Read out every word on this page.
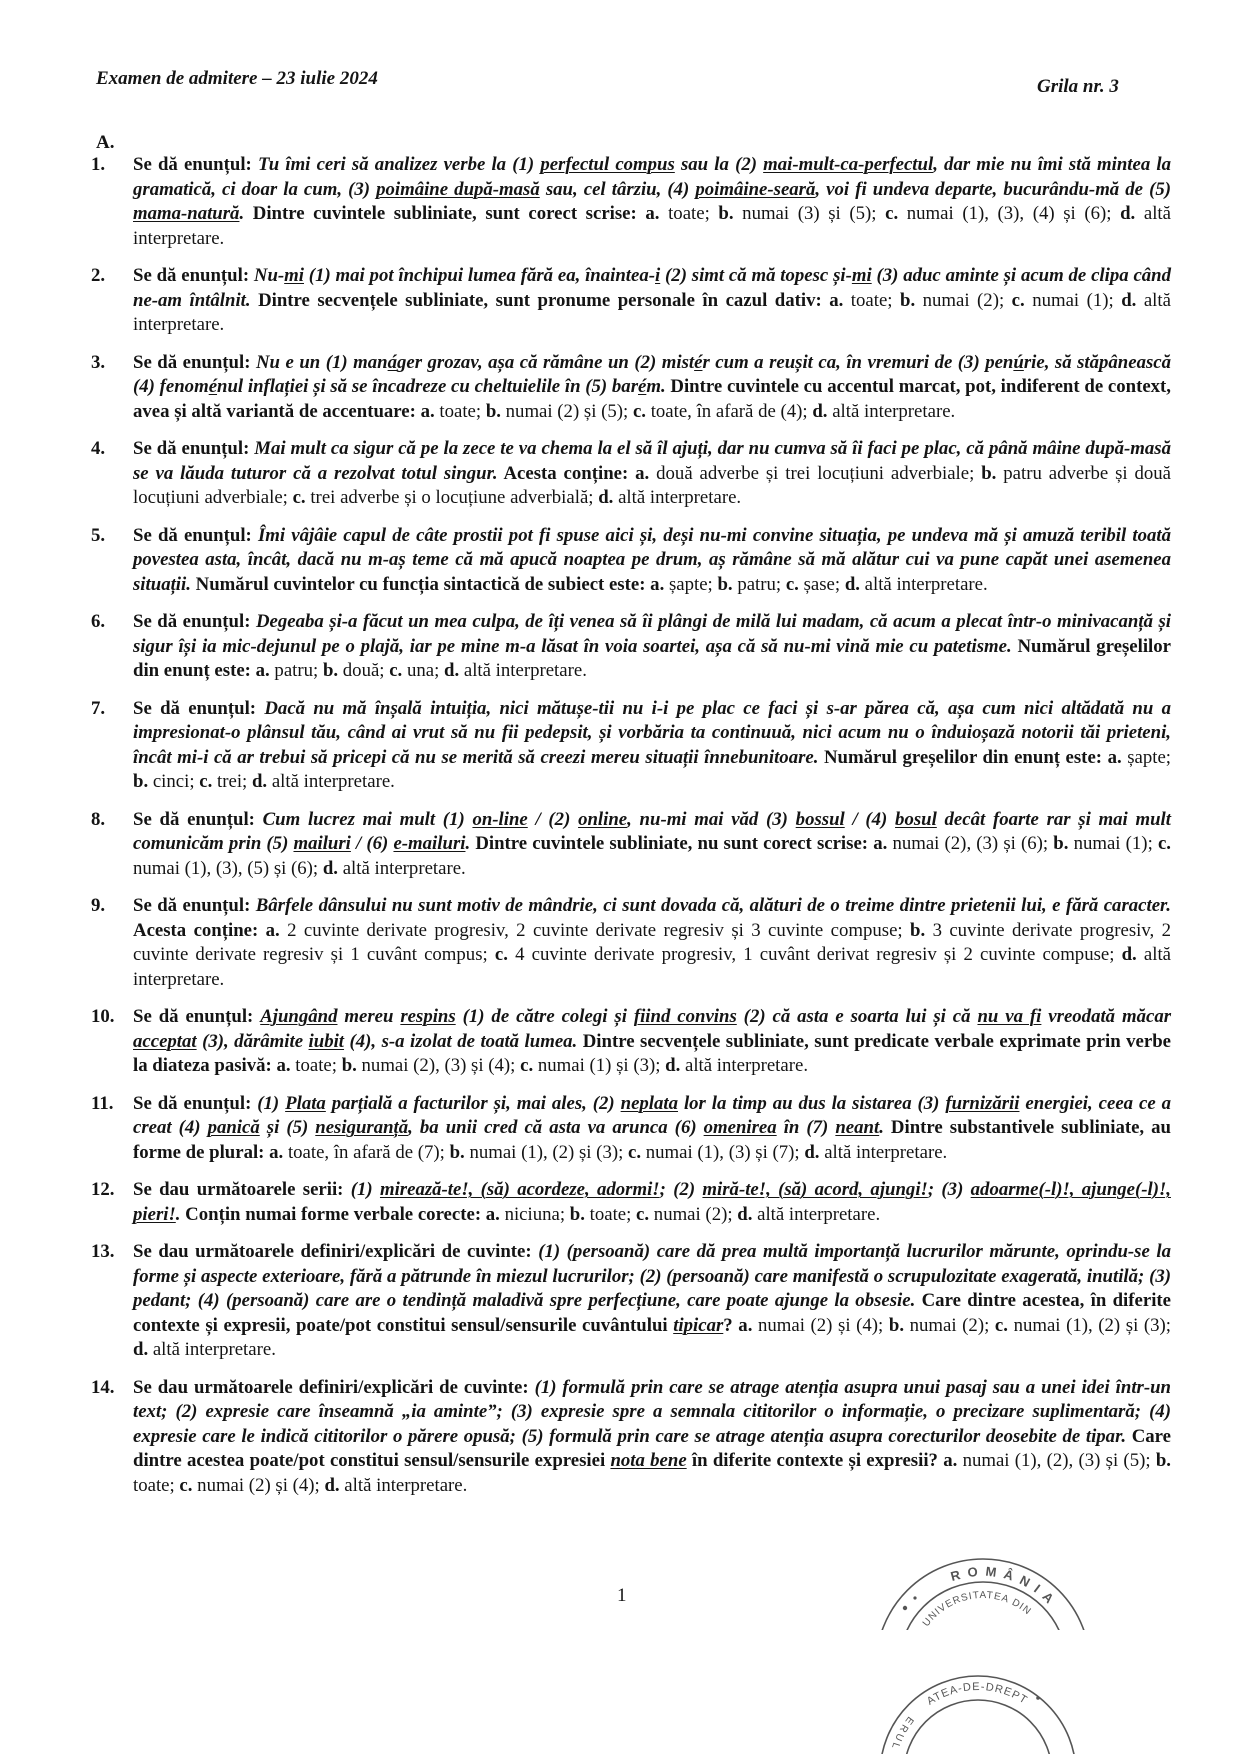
Examen de admitere – 23 iulie 2024	Grila nr. 3
A.
1.	Se dă enunțul: Tu îmi ceri să analizez verbe la (1) perfectul compus sau la (2) mai-mult-ca-perfectul, dar mie nu îmi stă mintea la gramatică, ci doar la cum, (3) poimâine după-masă sau, cel târziu, (4) poimâine-seară, voi fi undeva departe, bucurându-mă de (5) mama-natură. Dintre cuvintele subliniate, sunt corect scrise: a. toate; b. numai (3) și (5); c. numai (1), (3), (4) și (6); d. altă interpretare.
2.	Se dă enunțul: Nu-mi (1) mai pot închipui lumea fără ea, înaintea-i (2) simt că mă topesc și-mi (3) aduc aminte și acum de clipa când ne-am întâlnit. Dintre secvențele subliniate, sunt pronume personale în cazul dativ: a. toate; b. numai (2); c. numai (1); d. altă interpretare.
3.	Se dă enunțul: Nu e un (1) manáger grozav, așa că rămâne un (2) mistér cum a reușit ca, în vremuri de (3) penúrie, să stăpânească (4) fenoménul inflației și să se încadreze cu cheltuielile în (5) barém. Dintre cuvintele cu accentul marcat, pot, indiferent de context, avea și altă variantă de accentuare: a. toate; b. numai (2) și (5); c. toate, în afară de (4); d. altă interpretare.
4.	Se dă enunțul: Mai mult ca sigur că pe la zece te va chema la el să îl ajuți, dar nu cumva să îi faci pe plac, că până mâine după-masă se va lăuda tuturor că a rezolvat totul singur. Acesta conține: a. două adverbe și trei locuțiuni adverbiale; b. patru adverbe și două locuțiuni adverbiale; c. trei adverbe și o locuțiune adverbială; d. altă interpretare.
5.	Se dă enunțul: Îmi vâjâie capul de câte prostii pot fi spuse aici și, deși nu-mi convine situația, pe undeva mă și amuză teribil toată povestea asta, încât, dacă nu m-aș teme că mă apucă noaptea pe drum, aș rămâne să mă alătur cui va pune capăt unei asemenea situații. Numărul cuvintelor cu funcția sintactică de subiect este: a. șapte; b. patru; c. șase; d. altă interpretare.
6.	Se dă enunțul: Degeaba și-a făcut un mea culpa, de îți venea să îi plângi de milă lui madam, că acum a plecat într-o minivacanță și sigur își ia mic-dejunul pe o plajă, iar pe mine m-a lăsat în voia soartei, așa că să nu-mi vină mie cu patetisme. Numărul greșelilor din enunț este: a. patru; b. două; c. una; d. altă interpretare.
7.	Se dă enunțul: Dacă nu mă înșală intuiția, nici mătușe-tii nu i-i pe plac ce faci și s-ar părea că, așa cum nici altădată nu a impresionat-o plânsul tău, când ai vrut să nu fii pedepsit, și vorbăria ta continuuă, nici acum nu o înduioșază notorii tăi prieteni, încât mi-i că ar trebui să pricepi că nu se merită să creezi mereu situații înnebunitoare. Numărul greșelilor din enunț este: a. șapte; b. cinci; c. trei; d. altă interpretare.
8.	Se dă enunțul: Cum lucrez mai mult (1) on-line / (2) online, nu-mi mai văd (3) bossul / (4) bosul decât foarte rar și mai mult comunicăm prin (5) mailuri / (6) e-mailuri. Dintre cuvintele subliniate, nu sunt corect scrise: a. numai (2), (3) și (6); b. numai (1); c. numai (1), (3), (5) și (6); d. altă interpretare.
9.	Se dă enunțul: Bârfele dânsului nu sunt motiv de mândrie, ci sunt dovada că, alături de o treime dintre prietenii lui, e fără caracter. Acesta conține: a. 2 cuvinte derivate progresiv, 2 cuvinte derivate regresiv și 3 cuvinte compuse; b. 3 cuvinte derivate progresiv, 2 cuvinte derivate regresiv și 1 cuvânt compus; c. 4 cuvinte derivate progresiv, 1 cuvânt derivat regresiv și 2 cuvinte compuse; d. altă interpretare.
10. Se dă enunțul: Ajungând mereu respins (1) de către colegi și fiind convins (2) că asta e soarta lui și că nu va fi vreodată măcar acceptat (3), dărâmite iubit (4), s-a izolat de toată lumea. Dintre secvențele subliniate, sunt predicate verbale exprimate prin verbe la diateza pasivă: a. toate; b. numai (2), (3) și (4); c. numai (1) și (3); d. altă interpretare.
11.	Se dă enunțul: (1) Plata parțială a facturilor și, mai ales, (2) neplata lor la timp au dus la sistarea (3) furnizării energiei, ceea ce a creat (4) panică și (5) nesiguranță, ba unii cred că asta va arunca (6) omenirea în (7) neant. Dintre substantivele subliniate, au forme de plural: a. toate, în afară de (7); b. numai (1), (2) și (3); c. numai (1), (3) și (7); d. altă interpretare.
12. Se dau următoarele serii: (1) mirează-te!, (să) acordeze, adormi!; (2) miră-te!, (să) acord, ajungi!; (3) adoarme(-l)!, ajunge(-l)!, pieri!. Conțin numai forme verbale corecte: a. niciuna; b. toate; c. numai (2); d. altă interpretare.
13. Se dau următoarele definiri/explicări de cuvinte: (1) (persoană) care dă prea multă importanță lucrurilor mărunte, oprindu-se la forme și aspecte exterioare, fără a pătrunde în miezul lucrurilor; (2) (persoană) care manifestă o scrupulozitate exagerată, inutilă; (3) pedant; (4) (persoană) care are o tendință maladivă spre perfecțiune, care poate ajunge la obsesie. Care dintre acestea, în diferite contexte și expresii, poate/pot constitui sensul/sensurile cuvântului tipicar? a. numai (2) și (4); b. numai (2); c. numai (1), (2) și (3); d. altă interpretare.
14. Se dau următoarele definiri/explicări de cuvinte: (1) formulă prin care se atrage atenția asupra unui pasaj sau a unei idei într-un text; (2) expresie care înseamnă „ia aminte”; (3) expresie spre a semnala cititorilor o informație, o precizare suplimentară; (4) expresie care le indică cititorilor o părere opusă; (5) formulă prin care se atrage atenția asupra corecturilor deosebite de tipar. Care dintre acestea poate/pot constitui sensul/sensurile expresiei nota bene în diferite contexte și expresii? a. numai (1), (2), (3) și (5); b. toate; c. numai (2) și (4); d. altă interpretare.
1
ROMÂNIA
UNIVERSITATEA DIN
ATEA-DE-DREPT
ERUL
